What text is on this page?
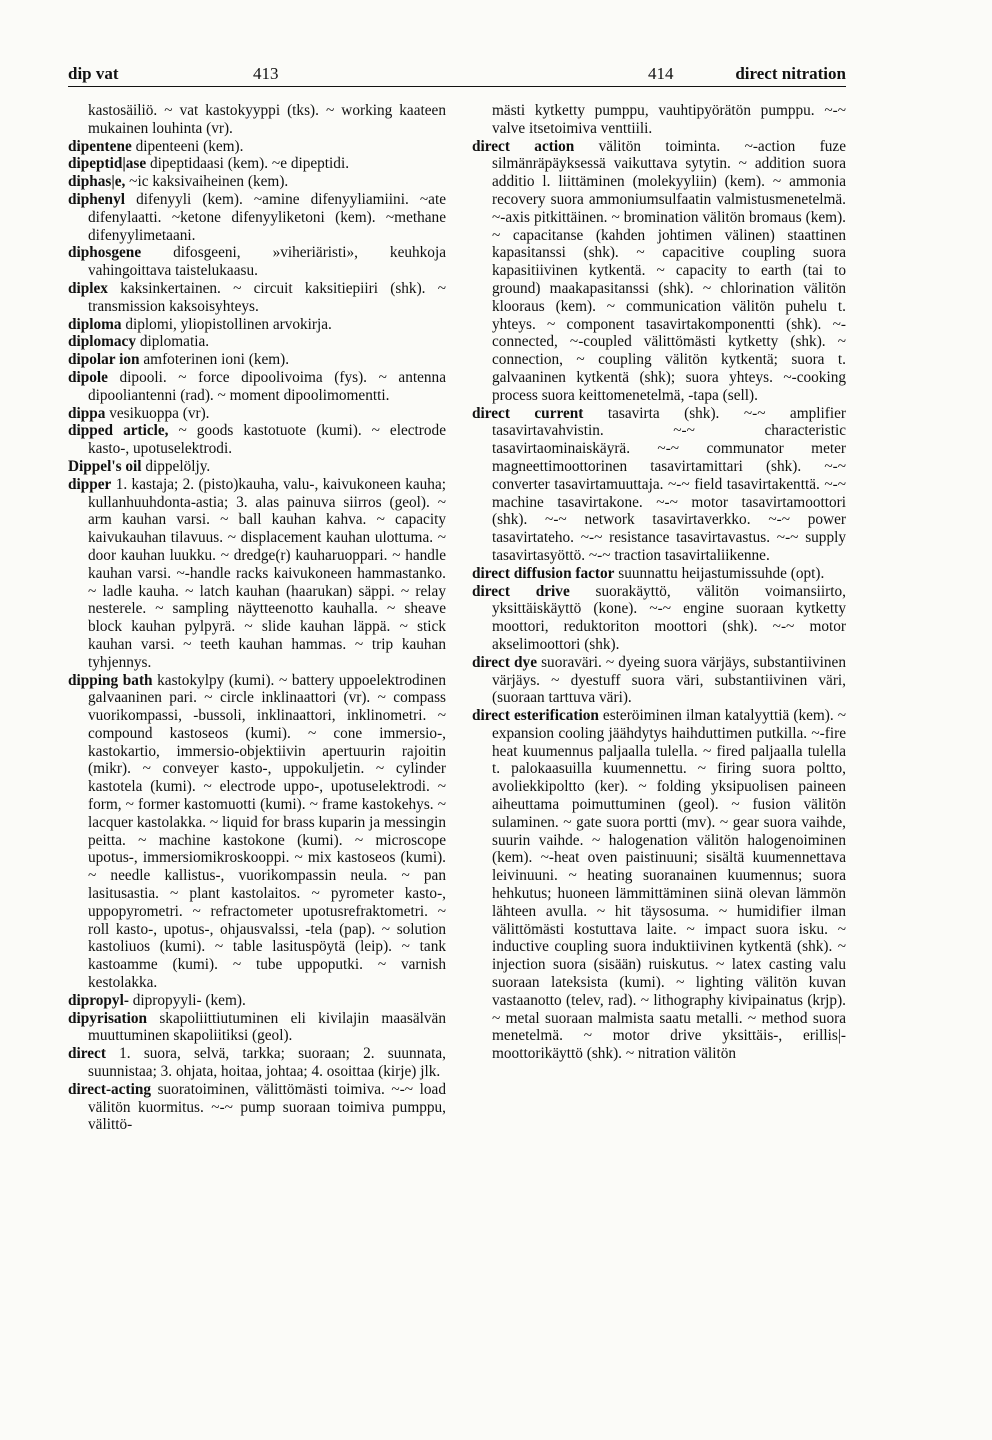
dip vat	413	414	direct nitration

kastosäiliö. ~ vat kastokyyppi (tks). ~ working kaateen mukainen louhinta (vr).

dipentene dipenteeni (kem).

dipeptid|ase dipeptidaasi (kem). ~e dipeptidi.

diphas|e, ~ic kaksivaiheinen (kem).

diphenyl difenyyli (kem). ~amine difenyyliamiini. ~ate difenylaatti. ~ketone difenyyliketoni (kem). ~methane difenyylimetaani.

diphosgene difosgeeni, »viheriäristi», keuhkoja vahingoittava taistelukaasu.

diplex kaksinkertainen. ~ circuit kaksitiepiiri (shk). ~ transmission kaksoisyhteys.

diploma diplomi, yliopistollinen arvokirja.

diplomacy diplomatia.

dipolar ion amfoterinen ioni (kem).

dipole dipooli. ~ force dipoolivoima (fys). ~ antenna dipooliantenni (rad). ~ moment dipoolimomentti.

dippa vesikuoppa (vr).

dipped article, ~ goods kastotuote (kumi). ~ electrode kasto-, upotuselektrodi.

Dippel's oil dippelöljy.

dipper 1. kastaja; 2. (pisto)kauha, valu-, kaivukoneen kauha; kullanhuuhdonta-astia; 3. alas painuva siirros (geol). ~ arm kauhan varsi. ~ ball kauhan kahva. ~ capacity kaivukauhan tilavuus. ~ displacement kauhan ulottuma. ~ door kauhan luukku. ~ dredge(r) kauharuoppari. ~ handle kauhan varsi. ~-handle racks kaivukoneen hammastanko. ~ ladle kauha. ~ latch kauhan (haarukan) säppi. ~ relay nesterele. ~ sampling näytteenotto kauhalla. ~ sheave block kauhan pylpyrä. ~ slide kauhan läppä. ~ stick kauhan varsi. ~ teeth kauhan hammas. ~ trip kauhan tyhjennys.

dipping bath kastokylpy (kumi). ~ battery uppoelektrodinen galvaaninen pari. ~ circle inklinaattori (vr). ~ compass vuorikompassi, -bussoli, inklinaattori, inklinometri. ~ compound kastoseos (kumi). ~ cone immersio-, kastokartio, immersio-objektiivin apertuurin rajoitin (mikr). ~ conveyer kasto-, uppokuljetin. ~ cylinder kastotela (kumi). ~ electrode uppo-, upotuselektrodi. ~ form, ~ former kastomuotti (kumi). ~ frame kastokehys. ~ lacquer kastolakka. ~ liquid for brass kuparin ja messingin peitta. ~ machine kastokone (kumi). ~ microscope upotus-, immersiomikroskooppi. ~ mix kastoseos (kumi). ~ needle kallistus-, vuorikompassin neula. ~ pan lasitusastia. ~ plant kastolaitos. ~ pyrometer kasto-, uppopyrometri. ~ refractometer upotusrefraktometri. ~ roll kasto-, upotus-, ohjausvalssi, -tela (pap). ~ solution kastoliuos (kumi). ~ table lasituspöytä (leip). ~ tank kastoamme (kumi). ~ tube uppoputki. ~ varnish kestolakka.

dipropyl- dipropyyli- (kem).

dipyrisation skapoliittiutuminen eli kivilajin maasälvän muuttuminen skapoliitiksi (geol).

direct 1. suora, selvä, tarkka; suoraan; 2. suunnata, suunnistaa; 3. ohjata, hoitaa, johtaa; 4. osoittaa (kirje) jlk.

direct-acting suoratoiminen, välittömästi toimiva. ~-~ load välitön kuormitus. ~-~ pump suoraan toimiva pumppu, välittö-

mästi kytketty pumppu, vauhtipyörätön pumppu. ~-~ valve itsetoimiva venttiili.

direct action välitön toiminta. ~-action fuze silmänräpäyksessä vaikuttava sytytin. ~ addition suora additio l. liittäminen (molekyyliin) (kem). ~ ammonia recovery suora ammoniumsulfaatin valmistusmenetelmä. ~-axis pitkittäinen. ~ bromination välitön bromaus (kem). ~ capacitanse (kahden johtimen välinen) staattinen kapasitanssi (shk). ~ capacitive coupling suora kapasitiivinen kytkentä. ~ capacity to earth (tai to ground) maakapasitanssi (shk). ~ chlorination välitön klooraus (kem). ~ communication välitön puhelu t. yhteys. ~ component tasavirtakomponentti (shk). ~-connected, ~-coupled välittömästi kytketty (shk). ~ connection, ~ coupling välitön kytkentä; suora t. galvaaninen kytkentä (shk); suora yhteys. ~-cooking process suora keittomenetelmä, -tapa (sell).

direct current tasavirta (shk). ~-~ amplifier tasavirtavahvistin. ~-~ characteristic tasavirtaominaiskäyrä. ~-~ communator meter magneettimoottorinen tasavirtamittari (shk). ~-~ converter tasavirtamuuttaja. ~-~ field tasavirtakenttä. ~-~ machine tasavirtakone. ~-~ motor tasavirtamoottori (shk). ~-~ network tasavirtaverkko. ~-~ power tasavirtateho. ~-~ resistance tasavirtavastus. ~-~ supply tasavirtasyöttö. ~-~ traction tasavirtaliikenne.

direct diffusion factor suunnattu heijastumissuhde (opt).

direct drive suorakäyttö, välitön voimansiirto, yksittäiskäyttö (kone). ~-~ engine suoraan kytketty moottori, reduktoriton moottori (shk). ~-~ motor akselimoottori (shk).

direct dye suoraväri. ~ dyeing suora värjäys, substantiivinen värjäys. ~ dyestuff suora väri, substantiivinen väri, (suoraan tarttuva väri).

direct esterification esteröiminen ilman katalyyttiä (kem). ~ expansion cooling jäähdytys haihduttimen putkilla. ~-fire heat kuumennus paljaalla tulella. ~ fired paljaalla tulella t. palokaasuilla kuumennettu. ~ firing suora poltto, avoliekkipoltto (ker). ~ folding yksipuolisen paineen aiheuttama poimuttuminen (geol). ~ fusion välitön sulaminen. ~ gate suora portti (mv). ~ gear suora vaihde, suurin vaihde. ~ halogenation välitön halogenoiminen (kem). ~-heat oven paistinuuni; sisältä kuumennettava leivinuuni. ~ heating suoranainen kuumennus; suora hehkutus; huoneen lämmittäminen siinä olevan lämmön lähteen avulla. ~ hit täysosuma. ~ humidifier ilman välittömästi kostuttava laite. ~ impact suora isku. ~ inductive coupling suora induktiivinen kytkentä (shk). ~ injection suora (sisään) ruiskutus. ~ latex casting valu suoraan lateksista (kumi). ~ lighting välitön kuvan vastaanotto (telev, rad). ~ lithography kivipainatus (krjp). ~ metal suoraan malmista saatu metalli. ~ method suora menetelmä. ~ motor drive yksittäis-, erillis|-moottorikäyttö (shk). ~ nitration välitön
